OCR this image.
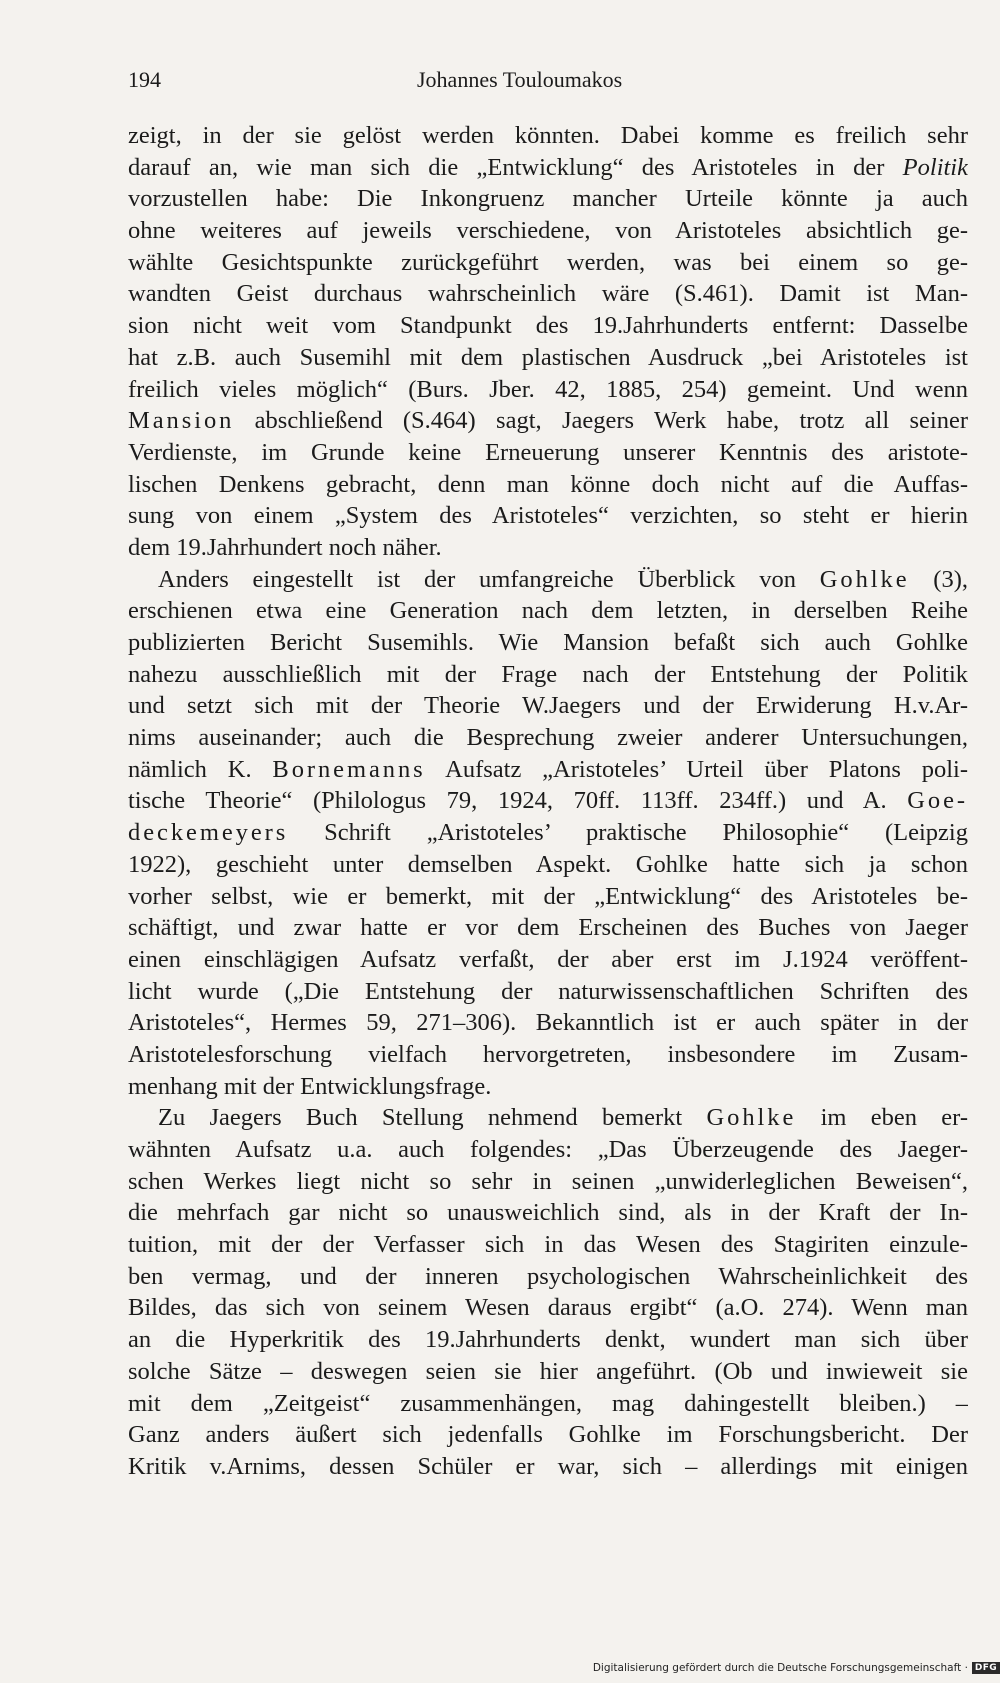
194	Johannes Touloumakos
zeigt, in der sie gelöst werden könnten. Dabei komme es freilich sehr
darauf an, wie man sich die „Entwicklung“ des Aristoteles in der Politik
vorzustellen habe: Die Inkongruenz mancher Urteile könnte ja auch
ohne weiteres auf jeweils verschiedene, von Aristoteles absichtlich ge-
wählte Gesichtspunkte zurückgeführt werden, was bei einem so ge-
wandten Geist durchaus wahrscheinlich wäre (S.461). Damit ist Man-
sion nicht weit vom Standpunkt des 19.Jahrhunderts entfernt: Dasselbe
hat z.B. auch Susemihl mit dem plastischen Ausdruck „bei Aristoteles ist
freilich vieles möglich“ (Burs. Jber. 42, 1885, 254) gemeint. Und wenn
Mansion abschließend (S.464) sagt, Jaegers Werk habe, trotz all seiner
Verdienste, im Grunde keine Erneuerung unserer Kenntnis des aristote-
lischen Denkens gebracht, denn man könne doch nicht auf die Auffas-
sung von einem „System des Aristoteles“ verzichten, so steht er hierin
dem 19.Jahrhundert noch näher.
Anders eingestellt ist der umfangreiche Überblick von Gohlke (3),
erschienen etwa eine Generation nach dem letzten, in derselben Reihe
publizierten Bericht Susemihls. Wie Mansion befaßt sich auch Gohlke
nahezu ausschließlich mit der Frage nach der Entstehung der Politik
und setzt sich mit der Theorie W.Jaegers und der Erwiderung H.v.Ar-
nims auseinander; auch die Besprechung zweier anderer Untersuchungen,
nämlich K. Bornemanns Aufsatz „Aristoteles’ Urteil über Platons poli-
tische Theorie“ (Philologus 79, 1924, 70ff. 113ff. 234ff.) und A. Goe-
deckemeyers Schrift „Aristoteles’ praktische Philosophie“ (Leipzig
1922), geschieht unter demselben Aspekt. Gohlke hatte sich ja schon
vorher selbst, wie er bemerkt, mit der „Entwicklung“ des Aristoteles be-
schäftigt, und zwar hatte er vor dem Erscheinen des Buches von Jaeger
einen einschlägigen Aufsatz verfaßt, der aber erst im J.1924 veröffent-
licht wurde („Die Entstehung der naturwissenschaftlichen Schriften des
Aristoteles“, Hermes 59, 271–306). Bekanntlich ist er auch später in der
Aristotelesforschung vielfach hervorgetreten, insbesondere im Zusam-
menhang mit der Entwicklungsfrage.
Zu Jaegers Buch Stellung nehmend bemerkt Gohlke im eben er-
wähnten Aufsatz u.a. auch folgendes: „Das Überzeugende des Jaeger-
schen Werkes liegt nicht so sehr in seinen „unwiderleglichen Beweisen“,
die mehrfach gar nicht so unausweichlich sind, als in der Kraft der In-
tuition, mit der der Verfasser sich in das Wesen des Stagiriten einzule-
ben vermag, und der inneren psychologischen Wahrscheinlichkeit des
Bildes, das sich von seinem Wesen daraus ergibt“ (a.O. 274). Wenn man
an die Hyperkritik des 19.Jahrhunderts denkt, wundert man sich über
solche Sätze – deswegen seien sie hier angeführt. (Ob und inwieweit sie
mit dem „Zeitgeist“ zusammenhängen, mag dahingestellt bleiben.) –
Ganz anders äußert sich jedenfalls Gohlke im Forschungsbericht. Der
Kritik v.Arnims, dessen Schüler er war, sich – allerdings mit einigen
Digitalisierung gefördert durch die Deutsche Forschungsgemeinschaft · DFG
